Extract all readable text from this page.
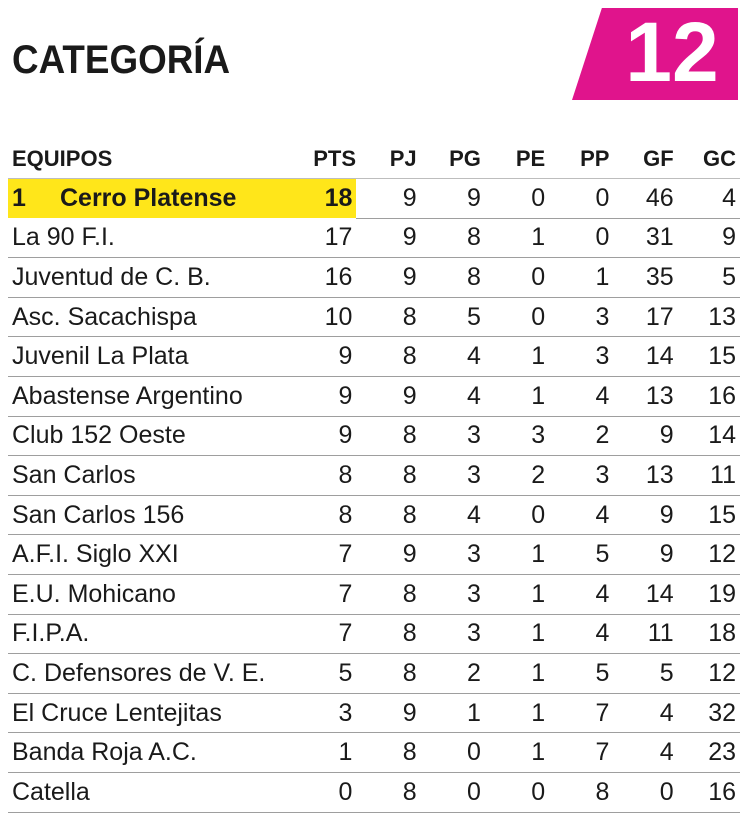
CATEGORÍA	12
EQUIPOS	PTS	PJ	PG	PE	PP	GF	GC
1 Cerro Platense	18	9	9	0	0	46	4
La 90 F.I.	17	9	8	1	0	31	9
Juventud de C. B.	16	9	8	0	1	35	5
Asc. Sacachispa	10	8	5	0	3	17	13
Juvenil La Plata	9	8	4	1	3	14	15
Abastense Argentino	9	9	4	1	4	13	16
Club 152 Oeste	9	8	3	3	2	9	14
San Carlos	8	8	3	2	3	13	11
San Carlos 156	8	8	4	0	4	9	15
A.F.I. Siglo XXI	7	9	3	1	5	9	12
E.U. Mohicano	7	8	3	1	4	14	19
F.I.P.A.	7	8	3	1	4	11	18
C. Defensores de V. E.	5	8	2	1	5	5	12
El Cruce Lentejitas	3	9	1	1	7	4	32
Banda Roja A.C.	1	8	0	1	7	4	23
Catella	0	8	0	0	8	0	16
